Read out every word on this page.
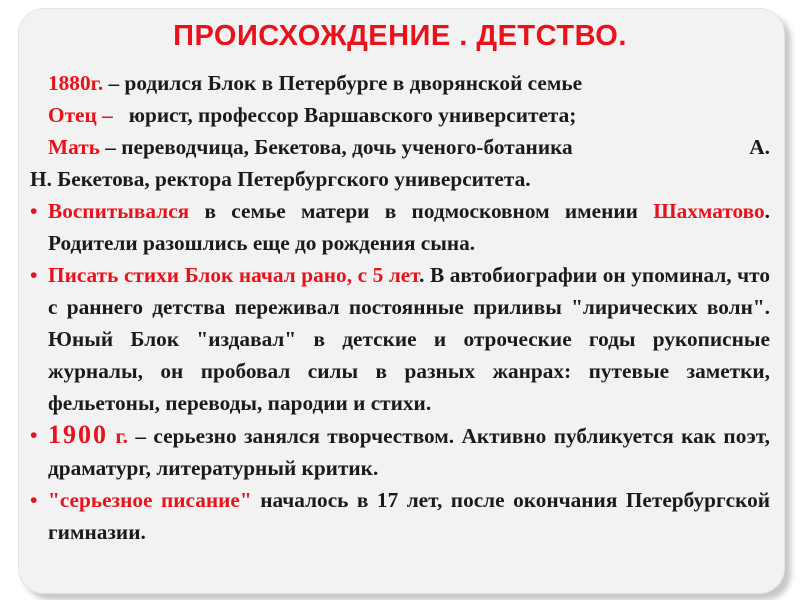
ПРОИСХОЖДЕНИЕ . ДЕТСТВО.
1880г. – родился Блок в Петербурге в дворянской семье
Отец –   юрист, профессор Варшавского университета;
Мать – переводчица, Бекетова, дочь ученого-ботаника	А.
Н. Бекетова, ректора Петербургского университета.
• Воспитывался в семье матери в подмосковном имении Шахматово. Родители разошлись еще до рождения сына.
• Писать стихи Блок начал рано, с 5 лет. В автобиографии он упоминал, что с раннего детства переживал постоянные приливы "лирических волн". Юный Блок "издавал" в детские и отроческие годы рукописные журналы, он пробовал силы в разных жанрах: путевые заметки, фельетоны, переводы, пародии и стихи.
• 1900 г. – серьезно занялся творчеством. Активно публикуется как поэт, драматург, литературный критик.
• "серьезное писание" началось в 17 лет, после окончания Петербургской гимназии.
